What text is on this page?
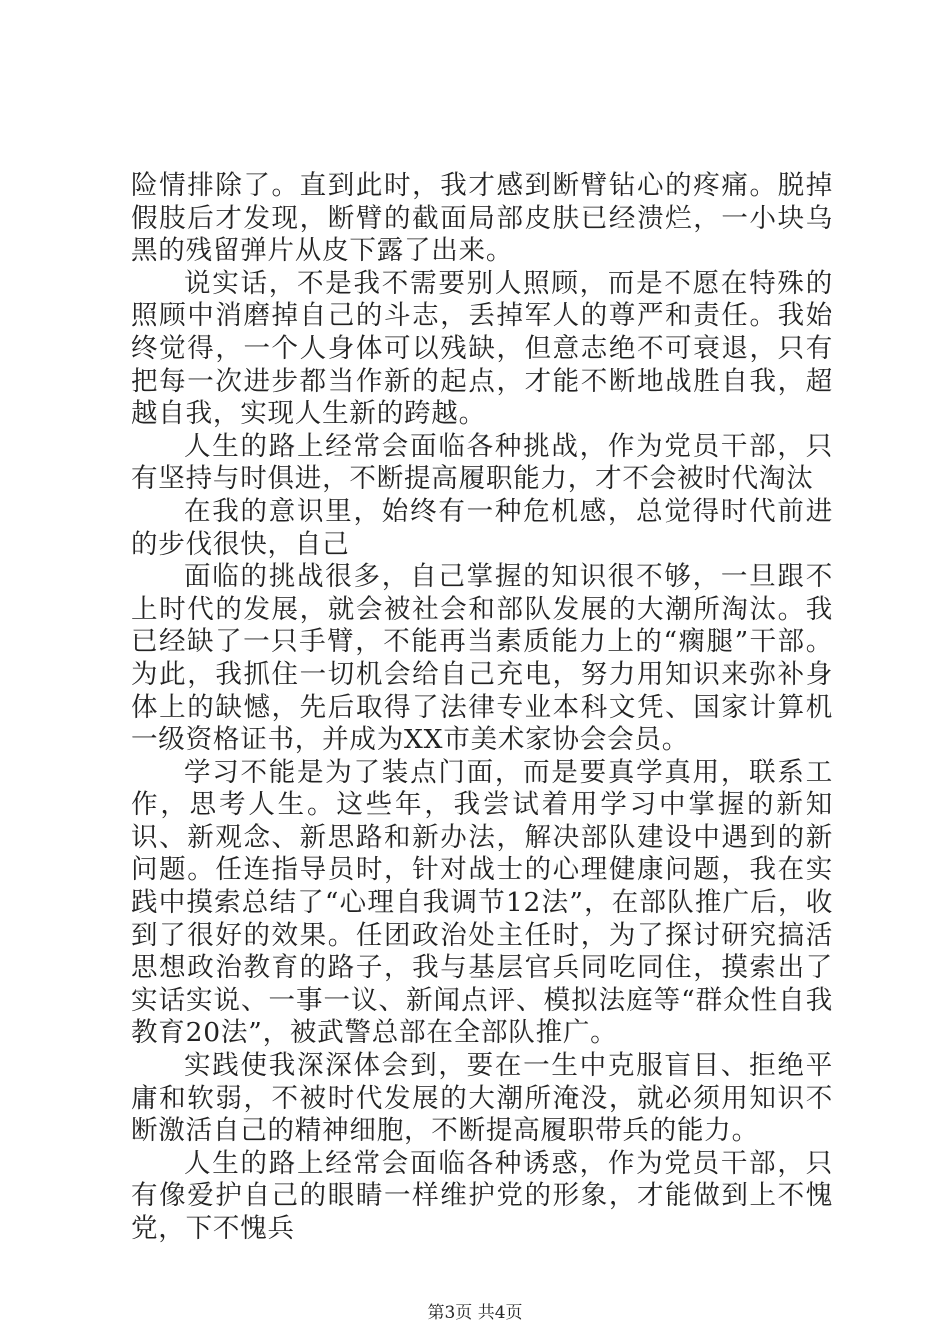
险情排除了。直到此时，我才感到断臂钻心的疼痛。脱掉假肢后才发现，断臂的截面局部皮肤已经溃烂，一小块乌黑的残留弹片从皮下露了出来。

说实话，不是我不需要别人照顾，而是不愿在特殊的照顾中消磨掉自己的斗志，丢掉军人的尊严和责任。我始终觉得，一个人身体可以残缺，但意志绝不可衰退，只有把每一次进步都当作新的起点，才能不断地战胜自我，超越自我，实现人生新的跨越。

人生的路上经常会面临各种挑战，作为党员干部，只有坚持与时俱进，不断提高履职能力，才不会被时代淘汰

在我的意识里，始终有一种危机感，总觉得时代前进的步伐很快，自己

面临的挑战很多，自己掌握的知识很不够，一旦跟不上时代的发展，就会被社会和部队发展的大潮所淘汰。我已经缺了一只手臂，不能再当素质能力上的“瘸腿”干部。为此，我抓住一切机会给自己充电，努力用知识来弥补身体上的缺憾，先后取得了法律专业本科文凭、国家计算机一级资格证书，并成为XX市美术家协会会员。

学习不能是为了装点门面，而是要真学真用，联系工作，思考人生。这些年，我尝试着用学习中掌握的新知识、新观念、新思路和新办法，解决部队建设中遇到的新问题。任连指导员时，针对战士的心理健康问题，我在实践中摸索总结了“心理自我调节12法”，在部队推广后，收到了很好的效果。任团政治处主任时，为了探讨研究搞活思想政治教育的路子，我与基层官兵同吃同住，摸索出了实话实说、一事一议、新闻点评、模拟法庭等“群众性自我教育20法”，被武警总部在全部队推广。

实践使我深深体会到，要在一生中克服盲目、拒绝平庸和软弱，不被时代发展的大潮所淹没，就必须用知识不断激活自己的精神细胞，不断提高履职带兵的能力。

人生的路上经常会面临各种诱惑，作为党员干部，只有像爱护自己的眼睛一样维护党的形象，才能做到上不愧党，下不愧兵

第3页 共4页
